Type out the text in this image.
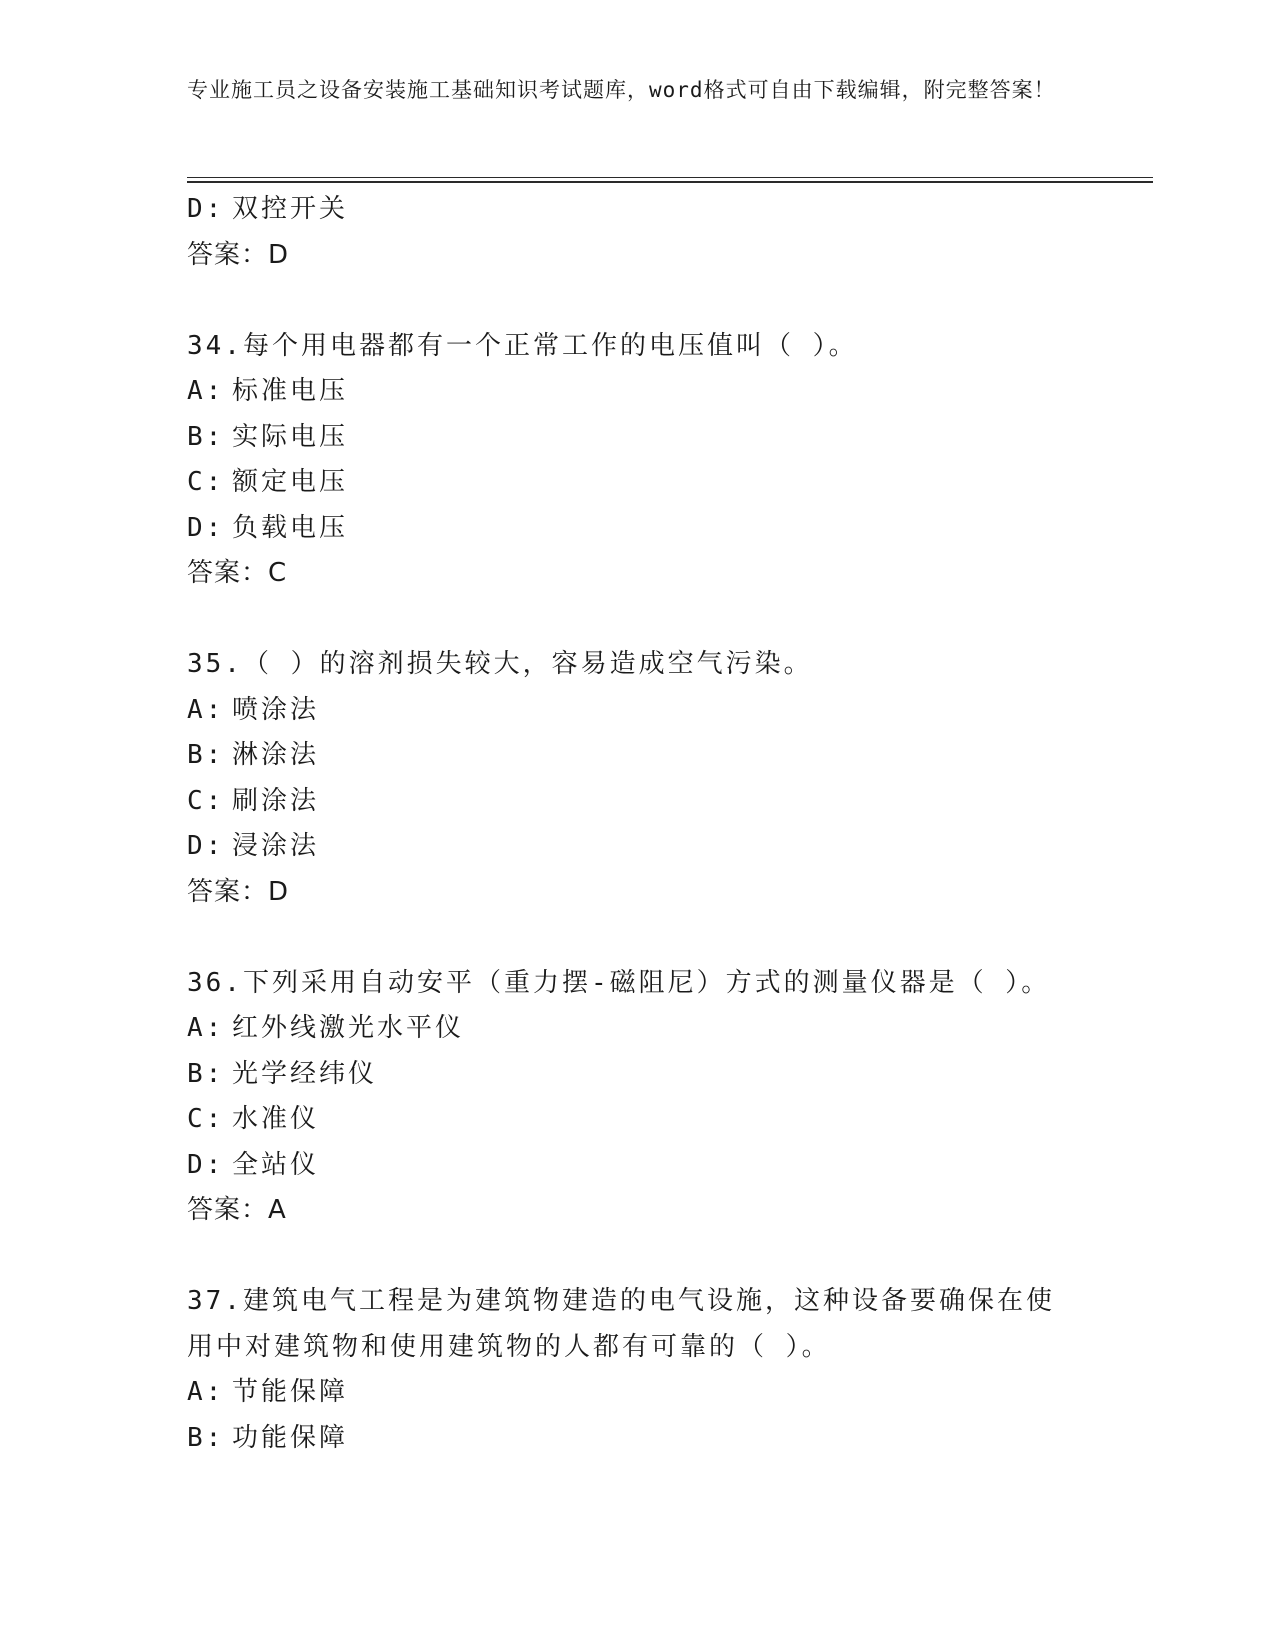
专业施工员之设备安装施工基础知识考试题库，word格式可自由下载编辑，附完整答案！
D: 双控开关
答案：D
34.每个用电器都有一个正常工作的电压值叫（ ）。
A: 标准电压
B: 实际电压
C: 额定电压
D: 负载电压
答案：C
35.（ ）的溶剂损失较大，容易造成空气污染。
A: 喷涂法
B: 淋涂法
C: 刷涂法
D: 浸涂法
答案：D
36.下列采用自动安平（重力摆-磁阻尼）方式的测量仪器是（ ）。
A: 红外线激光水平仪
B: 光学经纬仪
C: 水准仪
D: 全站仪
答案：A
37.建筑电气工程是为建筑物建造的电气设施，这种设备要确保在使用中对建筑物和使用建筑物的人都有可靠的（ ）。
A: 节能保障
B: 功能保障
